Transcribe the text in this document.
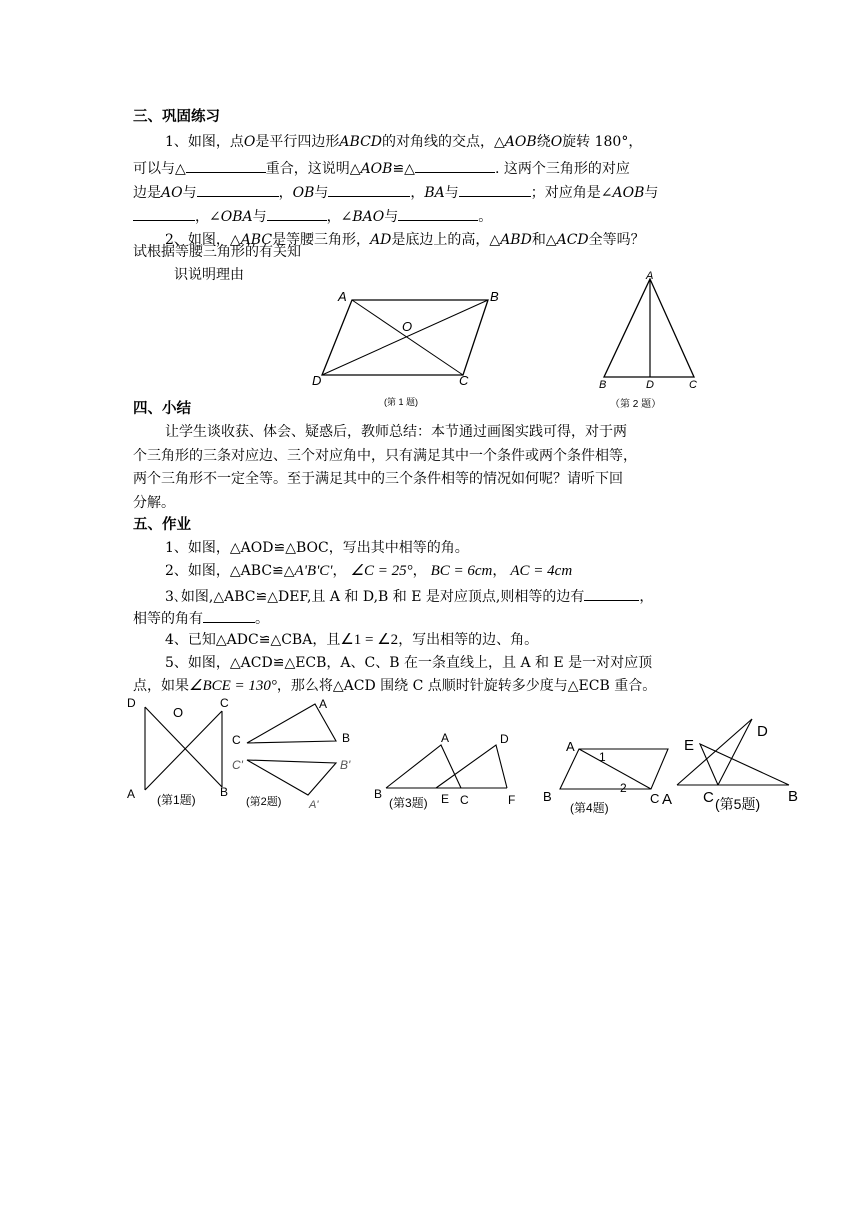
三、巩固练习
1、如图，点O是平行四边形ABCD的对角线的交点，△AOB绕O旋转 180°，
可以与△	重合，这说明△AOB≌△	. 这两个三角形的对应
边是AO与	，OB与	，BA与	；对应角是∠AOB与
，∠OBA与	，∠BAO与	。
2、如图，△ABC是等腰三角形，AD是底边上的高，△ABD和△ACD全等吗？
试根据等腰三角形的有关知
识说明理由
A	B
C
D
O
(第 1 题)
A
B	D	C
（第 2 题）
四、小结
让学生谈收获、体会、疑惑后，教师总结：本节通过画图实践可得，对于两
个三角形的三条对应边、三个对应角中，只有满足其中一个条件或两个条件相等，
两个三角形不一定全等。至于满足其中的三个条件相等的情况如何呢？请听下回
分解。
五、作业
1、如图，△AOD≌△BOC，写出其中相等的角。
2、如图，△ABC≌△A'B'C'， ∠C = 25°， BC = 6cm， AC = 4cm
3､如图,△ABC≌△DEF,且 A 和 D,B 和 E 是对应顶点,则相等的边有	，
相等的角有	。
4、已知△ADC≌△CBA，且∠1 = ∠2，写出相等的边、角。
5、如图，△ACD≌△ECB，A、C、B 在一条直线上，且 A 和 E 是一对对应顶
点，如果∠BCE = 130°，那么将△ACD 围绕 C 点顺时针旋转多少度与△ECB 重合。
D
O
C
A	B
(第1题)
A
C	B
C'	B'
A'
(第2题)
A	D
B	E C	F
(第3题)
A
1
2
B	C
(第4题)
D
E
A C	B
(第5题)
